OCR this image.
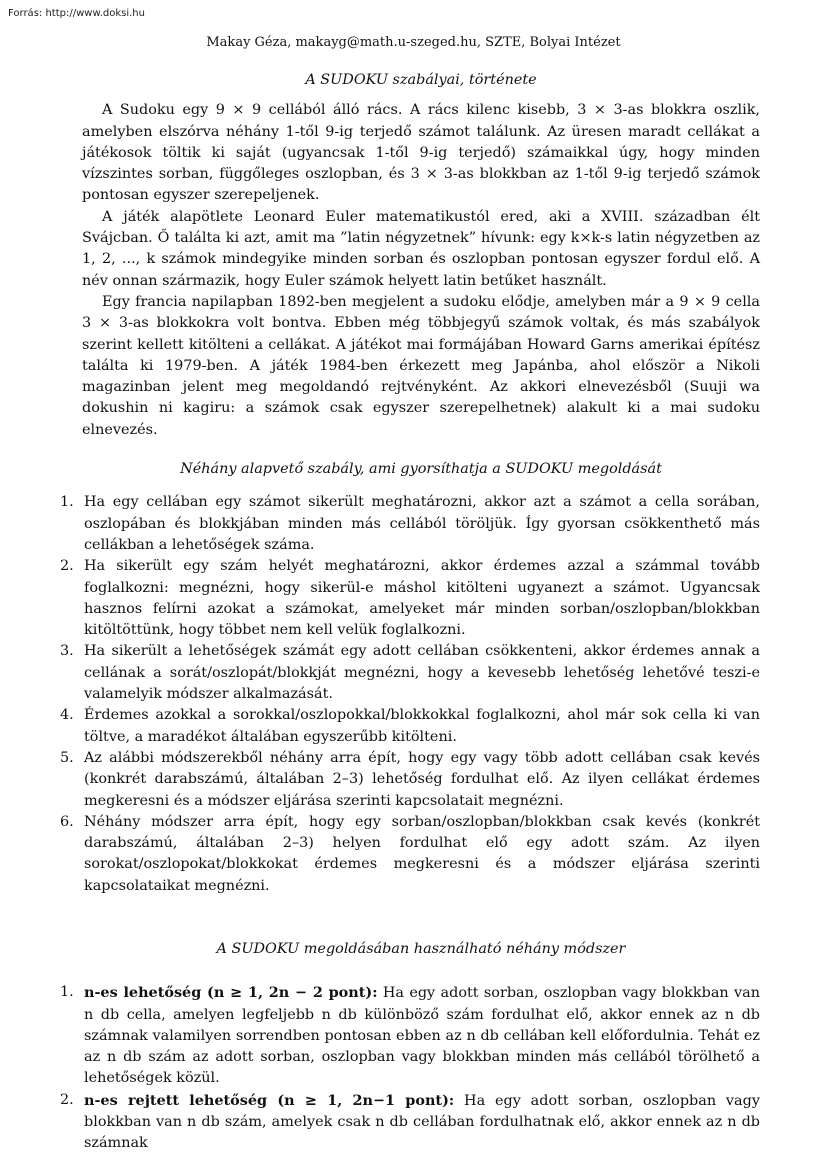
Forrás: http://www.doksi.hu
Makay Géza, makayg@math.u-szeged.hu, SZTE, Bolyai Intézet
A SUDOKU szabályai, története

A Sudoku egy 9 × 9 cellából álló rács. A rács kilenc kisebb, 3 × 3-as blokkra oszlik, amelyben elszórva néhány 1-től 9-ig terjedő számot találunk. Az üresen maradt cellákat a játékosok töltik ki saját (ugyancsak 1-től 9-ig terjedő) számaikkal úgy, hogy minden vízszintes sorban, függőleges oszlopban, és 3 × 3-as blokkban az 1-től 9-ig terjedő számok pontosan egyszer szerepeljenek.

A játék alapötlete Leonard Euler matematikustól ered, aki a XVIII. században élt Svájcban. Ő találta ki azt, amit ma ”latin négyzetnek” hívunk: egy k×k-s latin négyzetben az 1, 2, ..., k számok mindegyike minden sorban és oszlopban pontosan egyszer fordul elő. A név onnan származik, hogy Euler számok helyett latin betűket használt.

Egy francia napilapban 1892-ben megjelent a sudoku elődje, amelyben már a 9 × 9 cella 3 × 3-as blokkokra volt bontva. Ebben még többjegyű számok voltak, és más szabályok szerint kellett kitölteni a cellákat. A játékot mai formájában Howard Garns amerikai építész találta ki 1979-ben. A játék 1984-ben érkezett meg Japánba, ahol először a Nikoli magazinban jelent meg megoldandó rejtvényként. Az akkori elnevezésből (Suuji wa dokushin ni kagiru: a számok csak egyszer szerepelhetnek) alakult ki a mai sudoku elnevezés.

Néhány alapvető szabály, ami gyorsíthatja a SUDOKU megoldását
1. Ha egy cellában egy számot sikerült meghatározni, akkor azt a számot a cella sorában, oszlopában és blokkjában minden más cellából töröljük. Így gyorsan csökkenthető más cellákban a lehetőségek száma.
2. Ha sikerült egy szám helyét meghatározni, akkor érdemes azzal a számmal tovább foglalkozni: megnézni, hogy sikerül-e máshol kitölteni ugyanezt a számot. Ugyancsak hasznos felírni azokat a számokat, amelyeket már minden sorban/oszlopban/blokkban kitöltöttünk, hogy többet nem kell velük foglalkozni.
3. Ha sikerült a lehetőségek számát egy adott cellában csökkenteni, akkor érdemes annak a cellának a sorát/oszlopát/blokkját megnézni, hogy a kevesebb lehetőség lehetővé teszi-e valamelyik módszer alkalmazását.
4. Érdemes azokkal a sorokkal/oszlopokkal/blokkokkal foglalkozni, ahol már sok cella ki van töltve, a maradékot általában egyszerűbb kitölteni.
5. Az alábbi módszerekből néhány arra épít, hogy egy vagy több adott cellában csak kevés (konkrét darabszámú, általában 2–3) lehetőség fordulhat elő. Az ilyen cellákat érdemes megkeresni és a módszer eljárása szerinti kapcsolatait megnézni.
6. Néhány módszer arra épít, hogy egy sorban/oszlopban/blokkban csak kevés (konkrét darabszámú, általában 2–3) helyen fordulhat elő egy adott szám. Az ilyen sorokat/oszlopokat/blokkokat érdemes megkeresni és a módszer eljárása szerinti kapcsolataikat megnézni.
A SUDOKU megoldásában használható néhány módszer
1. n-es lehetőség (n ≥ 1, 2n − 2 pont): Ha egy adott sorban, oszlopban vagy blokkban van n db cella, amelyen legfeljebb n db különböző szám fordulhat elő, akkor ennek az n db számnak valamilyen sorrendben pontosan ebben az n db cellában kell előfordulnia. Tehát ez az n db szám az adott sorban, oszlopban vagy blokkban minden más cellából törölhető a lehetőségek közül.
2. n-es rejtett lehetőség (n ≥ 1, 2n−1 pont): Ha egy adott sorban, oszlopban vagy blokkban van n db szám, amelyek csak n db cellában fordulhatnak elő, akkor ennek az n db számnak
